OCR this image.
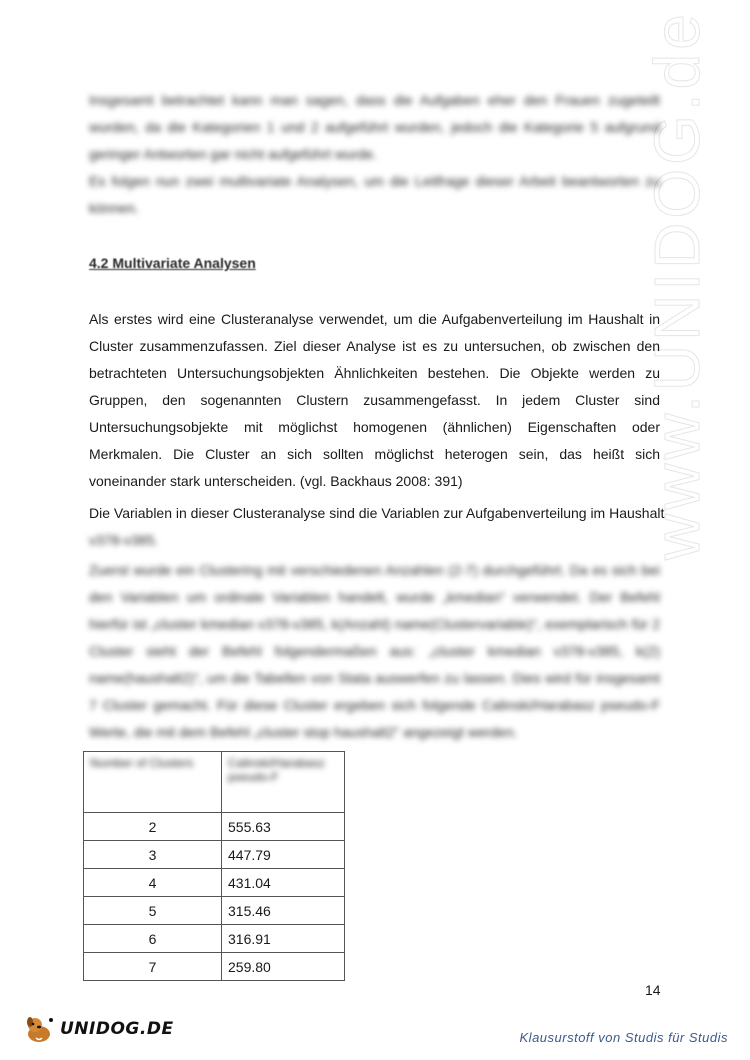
www.UNIDOG.de
Insgesamt betrachtet kann man sagen, dass die Aufgaben eher den Frauen zugeteilt wurden, da die Kategorien 1 und 2 aufgeführt wurden, jedoch die Kategorie 5 aufgrund geringer Antworten gar nicht aufgeführt wurde.
Es folgen nun zwei multivariate Analysen, um die Leitfrage dieser Arbeit beantworten zu können.
4.2 Multivariate Analysen
Als erstes wird eine Clusteranalyse verwendet, um die Aufgabenverteilung im Haushalt in Cluster zusammenzufassen. Ziel dieser Analyse ist es zu untersuchen, ob zwischen den betrachteten Untersuchungsobjekten Ähnlichkeiten bestehen. Die Objekte werden zu Gruppen, den sogenannten Clustern zusammengefasst. In jedem Cluster sind Untersuchungsobjekte mit möglichst homogenen (ähnlichen) Eigenschaften oder Merkmalen. Die Cluster an sich sollten möglichst heterogen sein, das heißt sich voneinander stark unterscheiden. (vgl. Backhaus 2008: 391)
Die Variablen in dieser Clusteranalyse sind die Variablen zur Aufgabenverteilung im Haushalt
v378-v385.
Zuerst wurde ein Clustering mit verschiedenen Anzahlen (2-7) durchgeführt. Da es sich bei den Variablen um ordinale Variablen handelt, wurde „kmedian“ verwendet. Der Befehl hierfür ist „cluster kmedian v378-v385, k(Anzahl) name(Clustervariable)“, exemplarisch für 2 Cluster sieht der Befehl folgendermaßen aus: „cluster kmedian v378-v385, k(2) name(haushalt2)“, um die Tabellen von Stata auswerfen zu lassen. Dies wird für insgesamt 7 Cluster gemacht. Für diese Cluster ergeben sich folgende Calinski/Harabasz pseudo-F Werte, die mit dem Befehl „cluster stop haushalt2“ angezeigt werden.
Number of Clusters	Calinski/Harabasz pseudo-F
2	555.63
3	447.79
4	431.04
5	315.46
6	316.91
7	259.80
14
UNIDOG.DE	Klausurstoff von Studis für Studis
